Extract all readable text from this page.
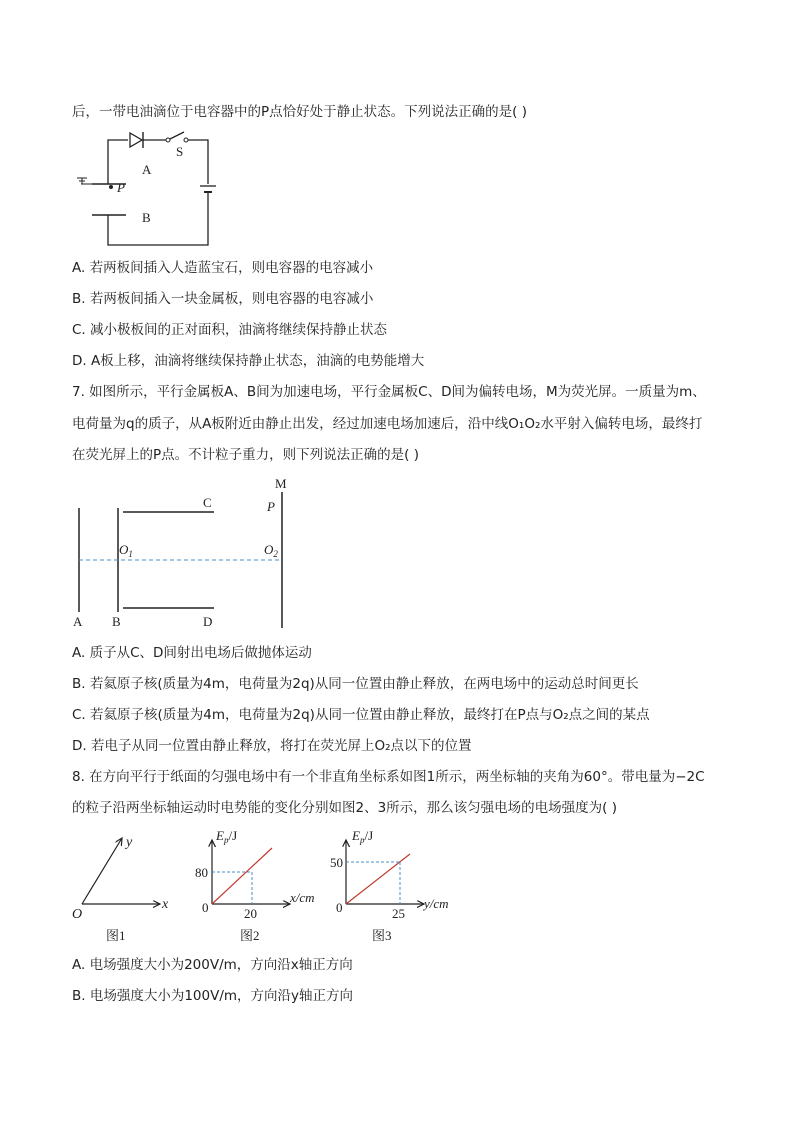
后，一带电油滴位于电容器中的P点恰好处于静止状态。下列说法正确的是( )
A
B
S
P
A. 若两板间插入人造蓝宝石，则电容器的电容减小
B. 若两板间插入一块金属板，则电容器的电容减小
C. 减小极板间的正对面积，油滴将继续保持静止状态
D. A板上移，油滴将继续保持静止状态，油滴的电势能增大
7. 如图所示，平行金属板A、B间为加速电场，平行金属板C、D间为偏转电场，M为荧光屏。一质量为m、
电荷量为q的质子，从A板附近由静止出发，经过加速电场加速后，沿中线O₁O₂水平射入偏转电场，最终打
在荧光屏上的P点。不计粒子重力，则下列说法正确的是( )
A B
C
D
M
P
$O_1$	$O_2$
A. 质子从C、D间射出电场后做抛体运动
B. 若氦原子核(质量为4m，电荷量为2q)从同一位置由静止释放，在两电场中的运动总时间更长
C. 若氦原子核(质量为4m，电荷量为2q)从同一位置由静止释放，最终打在P点与O₂点之间的某点
D. 若电子从同一位置由静止释放，将打在荧光屏上O₂点以下的位置
8. 在方向平行于纸面的匀强电场中有一个非直角坐标系如图1所示，两坐标轴的夹角为60°。带电量为−2C
的粒子沿两坐标轴运动时电势能的变化分别如图2、3所示，那么该匀强电场的电场强度为( )
O
x
y
图1
$E_p/J$
x/cm
80
20
0
图2
$E_p/J$
y/cm
50
25
0
图3
A. 电场强度大小为200V/m，方向沿x轴正方向
B. 电场强度大小为100V/m，方向沿y轴正方向
